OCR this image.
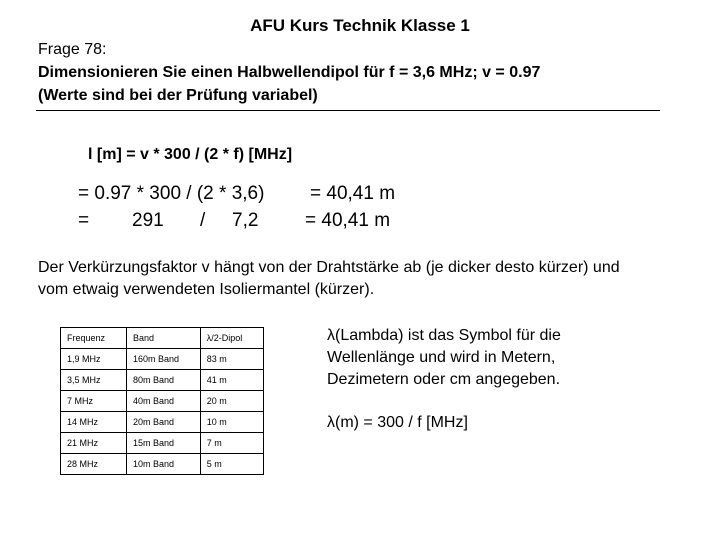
AFU Kurs Technik Klasse 1
Frage 78:
Dimensionieren Sie einen Halbwellendipol für f = 3,6 MHz; v = 0.97
(Werte sind bei der Prüfung variabel)
l [m] = v * 300 / (2 * f) [MHz]
= 0.97 * 300 / (2 * 3,6) = 40,41 m
= 291 / 7,2 = 40,41 m
Der Verkürzungsfaktor v hängt von der Drahtstärke ab (je dicker desto kürzer) und
vom etwaig verwendeten Isoliermantel (kürzer).
Frequenz	Band	λ/2-Dipol
1,9 MHz	160m Band	83 m
3,5 MHz	80m Band	41 m
7 MHz	40m Band	20 m
14 MHz	20m Band	10 m
21 MHz	15m Band	7 m
28 MHz	10m Band	5 m
λ(Lambda) ist das Symbol für die
Wellenlänge und wird in Metern,
Dezimetern oder cm angegeben.
λ(m) = 300 / f [MHz]
